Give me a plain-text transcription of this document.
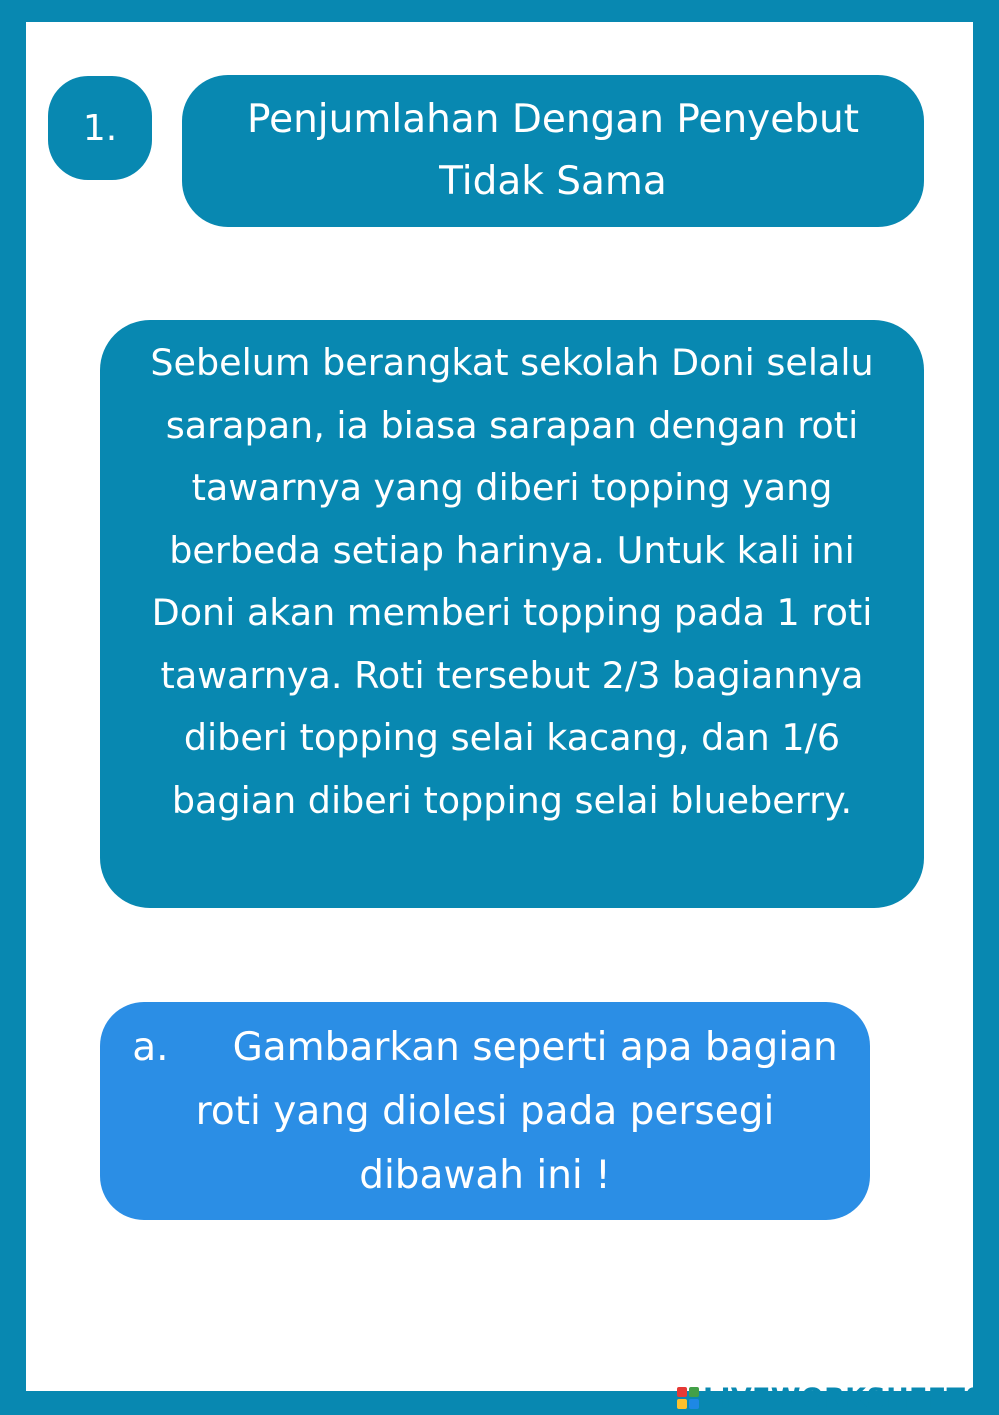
1.	Penjumlahan Dengan Penyebut
Tidak Sama
Sebelum berangkat sekolah Doni selalu
sarapan, ia biasa sarapan dengan roti
tawarnya yang diberi topping yang
berbeda setiap harinya. Untuk kali ini
Doni akan memberi topping pada 1 roti
tawarnya. Roti tersebut 2/3 bagiannya
diberi topping selai kacang, dan 1/6
bagian diberi topping selai blueberry.
a. Gambarkan seperti apa bagian
roti yang diolesi pada persegi
dibawah ini !
LIVEWORKSHEETS
